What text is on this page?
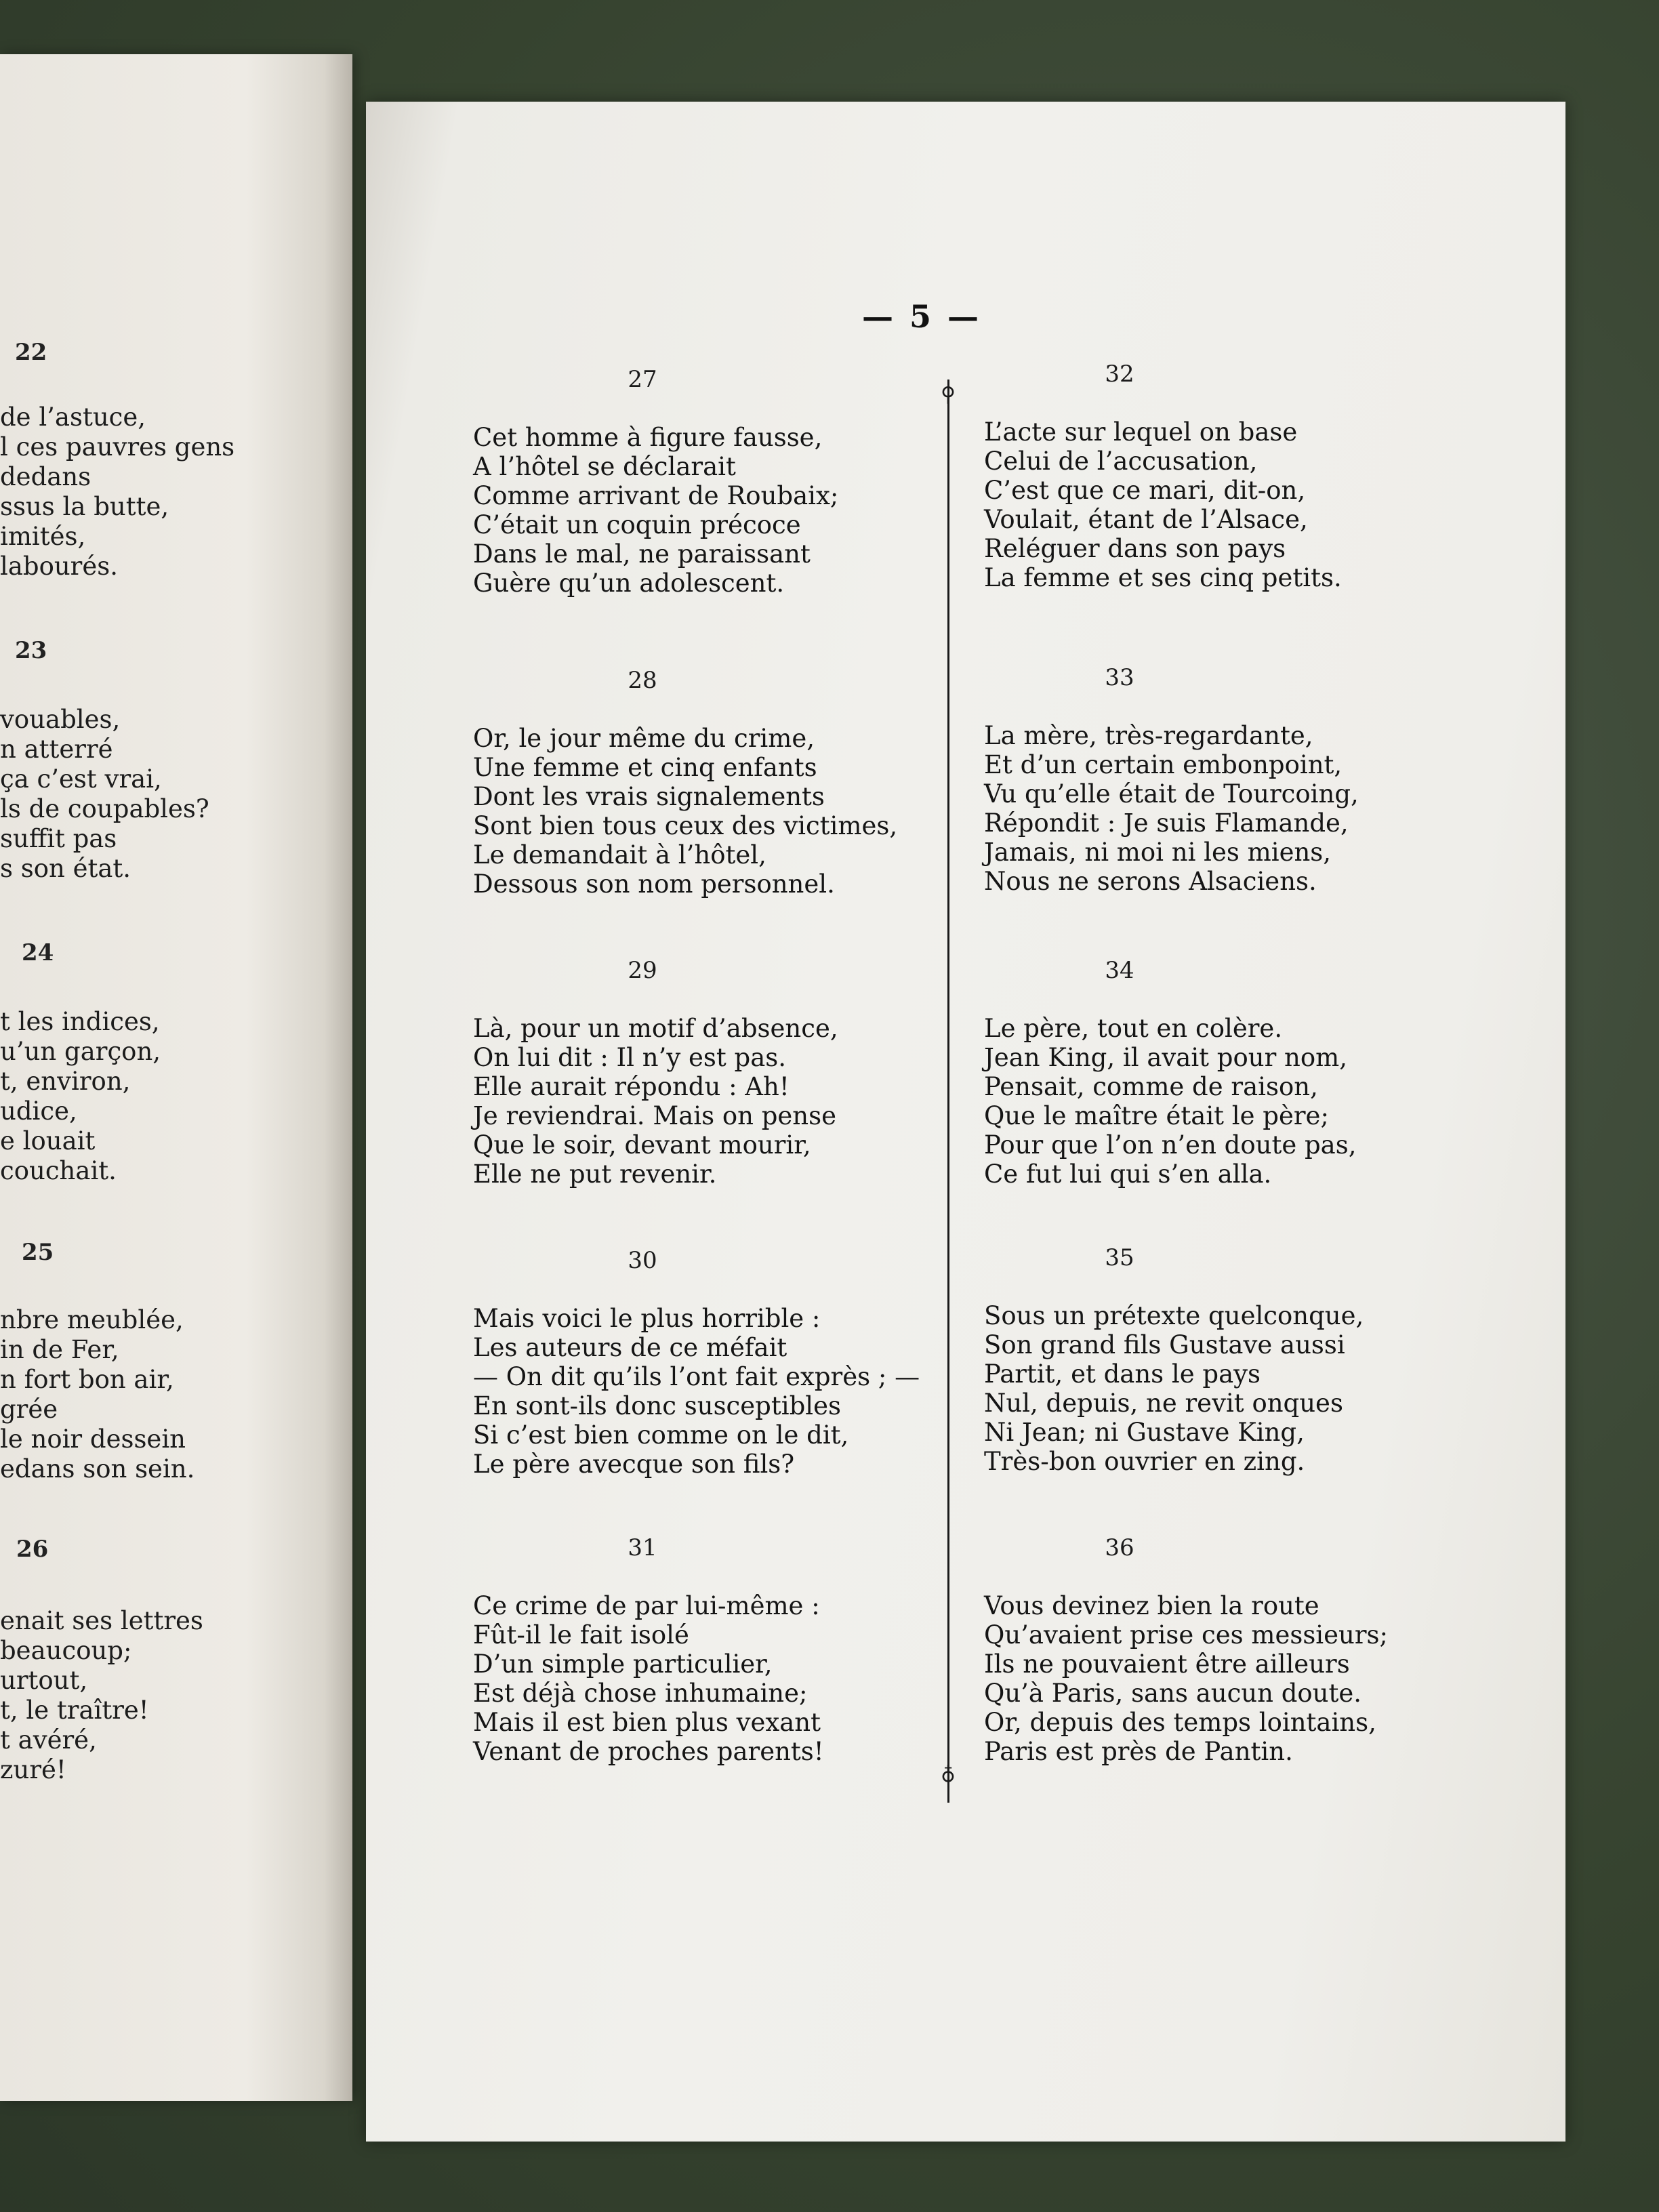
22
de l’astuce,
l ces pauvres gens
dedans
ssus la butte,
imités,
labourés.
23
vouables,
n atterré
ça c’est vrai,
ls de coupables?
suffit pas
s son état.
24
t les indices,
u’un garçon,
t, environ,
udice,
e louait
couchait.
25
nbre meublée,
in de Fer,
n fort bon air,
grée
le noir dessein
edans son sein.
26
enait ses lettres
beaucoup;
urtout,
t, le traître!
t avéré,
zuré!
— 5 —
⚲
♁
27
Cet homme à figure fausse,
A l’hôtel se déclarait
Comme arrivant de Roubaix;
C’était un coquin précoce
Dans le mal, ne paraissant
Guère qu’un adolescent.
28
Or, le jour même du crime,
Une femme et cinq enfants
Dont les vrais signalements
Sont bien tous ceux des victimes,
Le demandait à l’hôtel,
Dessous son nom personnel.
29
Là, pour un motif d’absence,
On lui dit : Il n’y est pas.
Elle aurait répondu : Ah!
Je reviendrai. Mais on pense
Que le soir, devant mourir,
Elle ne put revenir.
30
Mais voici le plus horrible :
Les auteurs de ce méfait
— On dit qu’ils l’ont fait exprès ; —
En sont-ils donc susceptibles
Si c’est bien comme on le dit,
Le père avecque son fils?
31
Ce crime de par lui-même :
Fût-il le fait isolé
D’un simple particulier,
Est déjà chose inhumaine;
Mais il est bien plus vexant
Venant de proches parents!
32
L’acte sur lequel on base
Celui de l’accusation,
C’est que ce mari, dit-on,
Voulait, étant de l’Alsace,
Reléguer dans son pays
La femme et ses cinq petits.
33
La mère, très-regardante,
Et d’un certain embonpoint,
Vu qu’elle était de Tourcoing,
Répondit : Je suis Flamande,
Jamais, ni moi ni les miens,
Nous ne serons Alsaciens.
34
Le père, tout en colère.
Jean King, il avait pour nom,
Pensait, comme de raison,
Que le maître était le père;
Pour que l’on n’en doute pas,
Ce fut lui qui s’en alla.
35
Sous un prétexte quelconque,
Son grand fils Gustave aussi
Partit, et dans le pays
Nul, depuis, ne revit onques
Ni Jean; ni Gustave King,
Très-bon ouvrier en zing.
36
Vous devinez bien la route
Qu’avaient prise ces messieurs;
Ils ne pouvaient être ailleurs
Qu’à Paris, sans aucun doute.
Or, depuis des temps lointains,
Paris est près de Pantin.
